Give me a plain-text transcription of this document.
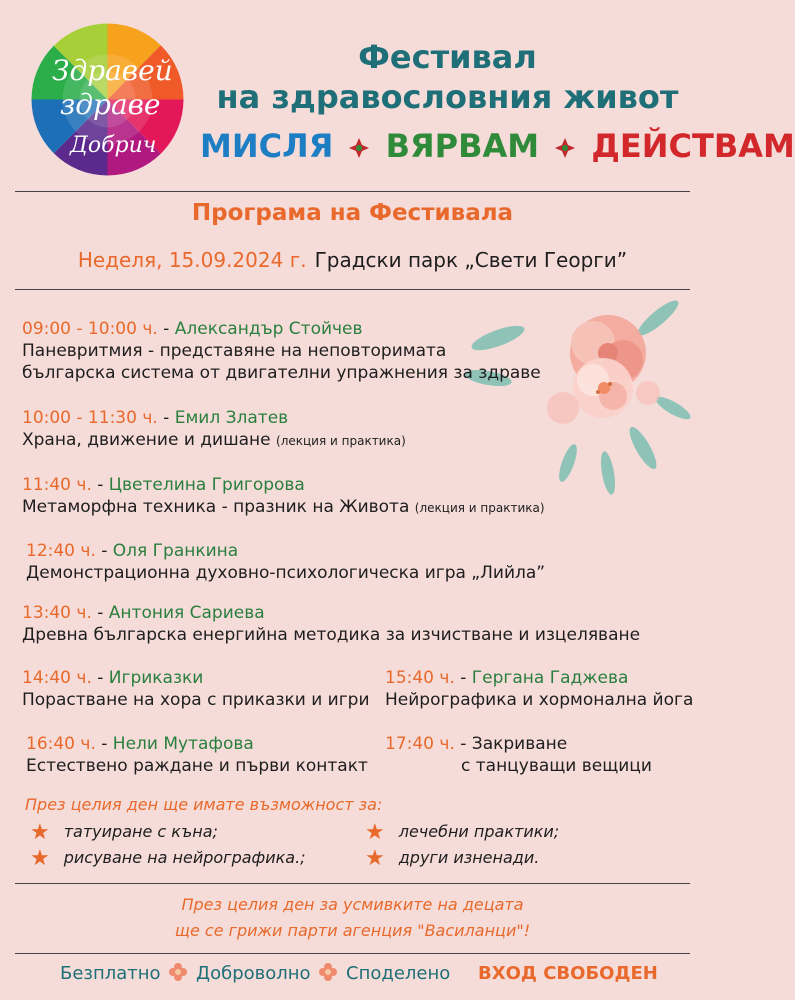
Здравей
здраве
Добрич
Фестивал
на здравословния живот
МИСЛЯ ВЯРВАМ ДЕЙСТВАМ
Програма на Фестивала
Неделя, 15.09.2024 г. Градски парк „Свети Георги”
09:00 - 10:00 ч. - Александър Стойчев
Паневритмия - представяне на неповторимата
българска система от двигателни упражнения за здраве
10:00 - 11:30 ч. - Емил Златев
Храна, движение и дишане (лекция и практика)
11:40 ч. - Цветелина Григорова
Метаморфна техника - празник на Живота (лекция и практика)
12:40 ч. - Оля Гранкина
Демонстрационна духовно-психологическа игра „Лийла”
13:40 ч. - Антония Сариева
Древна българска енергийна методика за изчистване и изцеляване
14:40 ч. - Игриказки
Порастване на хора с приказки и игри
15:40 ч. - Гергана Гаджева
Нейрографика и хормонална йога
16:40 ч. - Нели Мутафова
Естествено раждане и първи контакт
17:40 ч. - Закриване
с танцуващи вещици
През целия ден ще имате възможност за:
★ татуиране с къна;
★ рисуване на нейрографика.;
★ лечебни практики;
★ други изненади.
През целия ден за усмивките на децата
ще се грижи парти агенция "Василанци"!
Безплатно Доброволно Споделено ВХОД СВОБОДЕН
